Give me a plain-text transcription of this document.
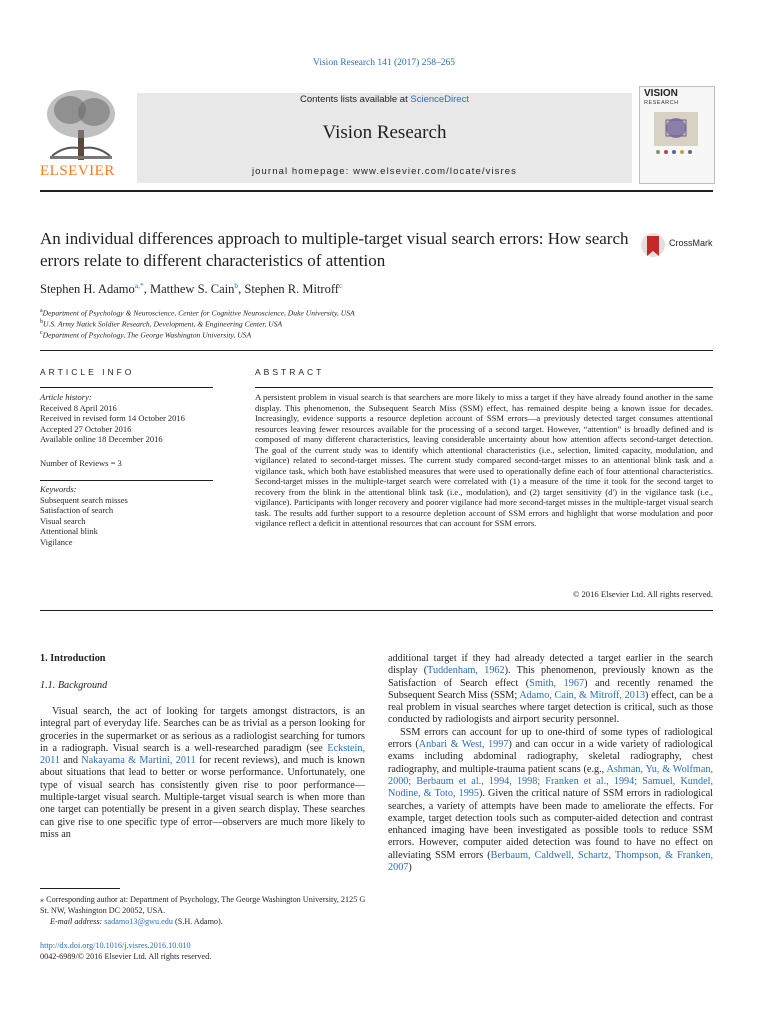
Vision Research 141 (2017) 258–265
ELSEVIER
Contents lists available at ScienceDirect
Vision Research
journal homepage: www.elsevier.com/locate/visres
VISION
RESEARCH
An individual differences approach to multiple-target visual search errors: How search errors relate to different characteristics of attention
CrossMark
Stephen H. Adamo$^{a,*}$, Matthew S. Cain$^b$, Stephen R. Mitroff$^c$
$^a$Department of Psychology & Neuroscience, Center for Cognitive Neuroscience, Duke University, USA
$^b$U.S. Army Natick Soldier Research, Development, & Engineering Center, USA
$^c$Department of Psychology, The George Washington University, USA
ARTICLE INFO
Article history:
Received 8 April 2016
Received in revised form 14 October 2016
Accepted 27 October 2016
Available online 18 December 2016
Number of Reviews = 3
Keywords:
Subsequent search misses
Satisfaction of search
Visual search
Attentional blink
Vigilance
ABSTRACT
A persistent problem in visual search is that searchers are more likely to miss a target if they have already found another in the same display. This phenomenon, the Subsequent Search Miss (SSM) effect, has remained despite being a known issue for decades. Increasingly, evidence supports a resource depletion account of SSM errors—a previously detected target consumes attentional resources leaving fewer resources available for the processing of a second target. However, “attention” is broadly defined and is composed of many different characteristics, leaving considerable uncertainty about how attention affects second-target detection. The goal of the current study was to identify which attentional characteristics (i.e., selection, limited capacity, modulation, and vigilance) related to second-target misses. The current study compared second-target misses to an attentional blink task and a vigilance task, which both have established measures that were used to operationally define each of four attentional characteristics. Second-target misses in the multiple-target search were correlated with (1) a measure of the time it took for the second target to recovery from the blink in the attentional blink task (i.e., modulation), and (2) target sensitivity (d′) in the vigilance task (i.e., vigilance). Participants with longer recovery and poorer vigilance had more second-target misses in the multiple-target visual search task. The results add further support to a resource depletion account of SSM errors and highlight that worse modulation and poor vigilance reflect a deficit in attentional resources that can account for SSM errors.
© 2016 Elsevier Ltd. All rights reserved.
1. Introduction
1.1. Background

Visual search, the act of looking for targets amongst distractors, is an integral part of everyday life. Searches can be as trivial as a person looking for groceries in the supermarket or as serious as a radiologist searching for tumors in a radiograph. Visual search is a well-researched paradigm (see Eckstein, 2011 and Nakayama & Martini, 2011 for recent reviews), and much is known about situations that lead to better or worse performance. Unfortunately, one type of visual search has consistently given rise to poor performance—multiple-target visual search. Multiple-target visual search is when more than one target can potentially be present in a given search display. These searches can give rise to one specific type of error—observers are much more likely to miss an

additional target if they had already detected a target earlier in the search display (Tuddenham, 1962). This phenomenon, previously known as the Satisfaction of Search effect (Smith, 1967) and recently renamed the Subsequent Search Miss (SSM; Adamo, Cain, & Mitroff, 2013) effect, can be a real problem in visual searches where target detection is critical, such as those conducted by radiologists and airport security personnel.

SSM errors can account for up to one-third of some types of radiological errors (Anbari & West, 1997) and can occur in a wide variety of radiological exams including abdominal radiography, skeletal radiography, chest radiography, and multiple-trauma patient scans (e.g., Ashman, Yu, & Wolfman, 2000; Berbaum et al., 1994, 1998; Franken et al., 1994; Samuel, Kundel, Nodine, & Toto, 1995). Given the critical nature of SSM errors in radiological searches, a variety of attempts have been made to ameliorate the effects. For example, target detection tools such as computer-aided detection and contrast enhanced imaging have been investigated as possible tools to reduce SSM errors. However, computer aided detection was found to have no effect on alleviating SSM errors (Berbaum, Caldwell, Schartz, Thompson, & Franken, 2007)

⁎ Corresponding author at: Department of Psychology, The George Washington University, 2125 G St. NW, Washington DC 20052, USA.
E-mail address: sadamo13@gwu.edu (S.H. Adamo).
http://dx.doi.org/10.1016/j.visres.2016.10.010
0042-6989/© 2016 Elsevier Ltd. All rights reserved.
